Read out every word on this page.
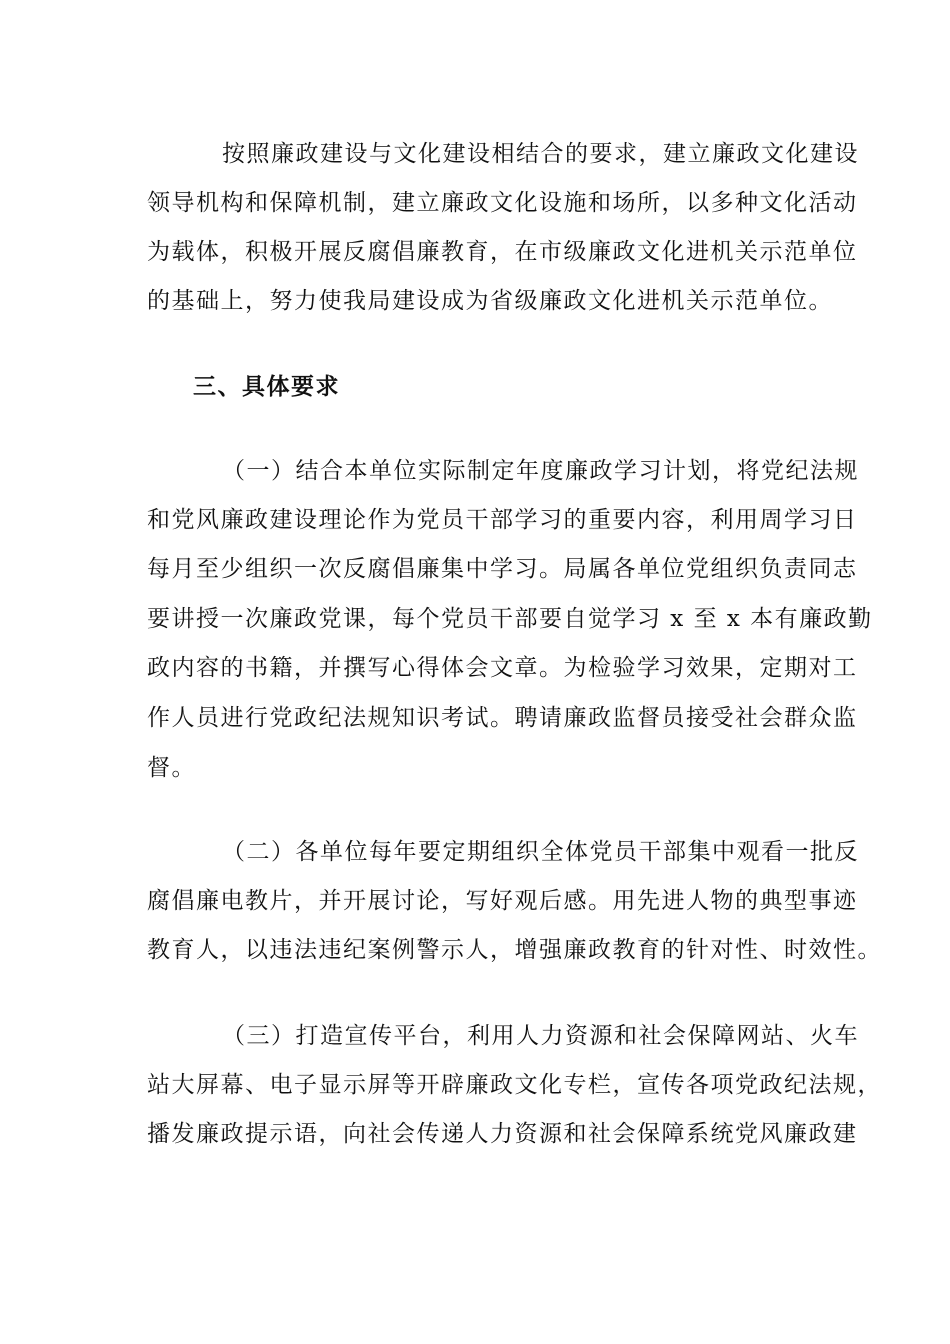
按照廉政建设与文化建设相结合的要求，建立廉政文化建设
领导机构和保障机制，建立廉政文化设施和场所，以多种文化活动
为载体，积极开展反腐倡廉教育，在市级廉政文化进机关示范单位
的基础上，努力使我局建设成为省级廉政文化进机关示范单位。
三、具体要求
（一）结合本单位实际制定年度廉政学习计划，将党纪法规
和党风廉政建设理论作为党员干部学习的重要内容，利用周学习日
每月至少组织一次反腐倡廉集中学习。局属各单位党组织负责同志
要讲授一次廉政党课，每个党员干部要自觉学习 x 至 x 本有廉政勤
政内容的书籍，并撰写心得体会文章。为检验学习效果，定期对工
作人员进行党政纪法规知识考试。聘请廉政监督员接受社会群众监
督。
（二）各单位每年要定期组织全体党员干部集中观看一批反
腐倡廉电教片，并开展讨论，写好观后感。用先进人物的典型事迹
教育人，以违法违纪案例警示人，增强廉政教育的针对性、时效性。
（三）打造宣传平台，利用人力资源和社会保障网站、火车
站大屏幕、电子显示屏等开辟廉政文化专栏，宣传各项党政纪法规，
播发廉政提示语，向社会传递人力资源和社会保障系统党风廉政建
